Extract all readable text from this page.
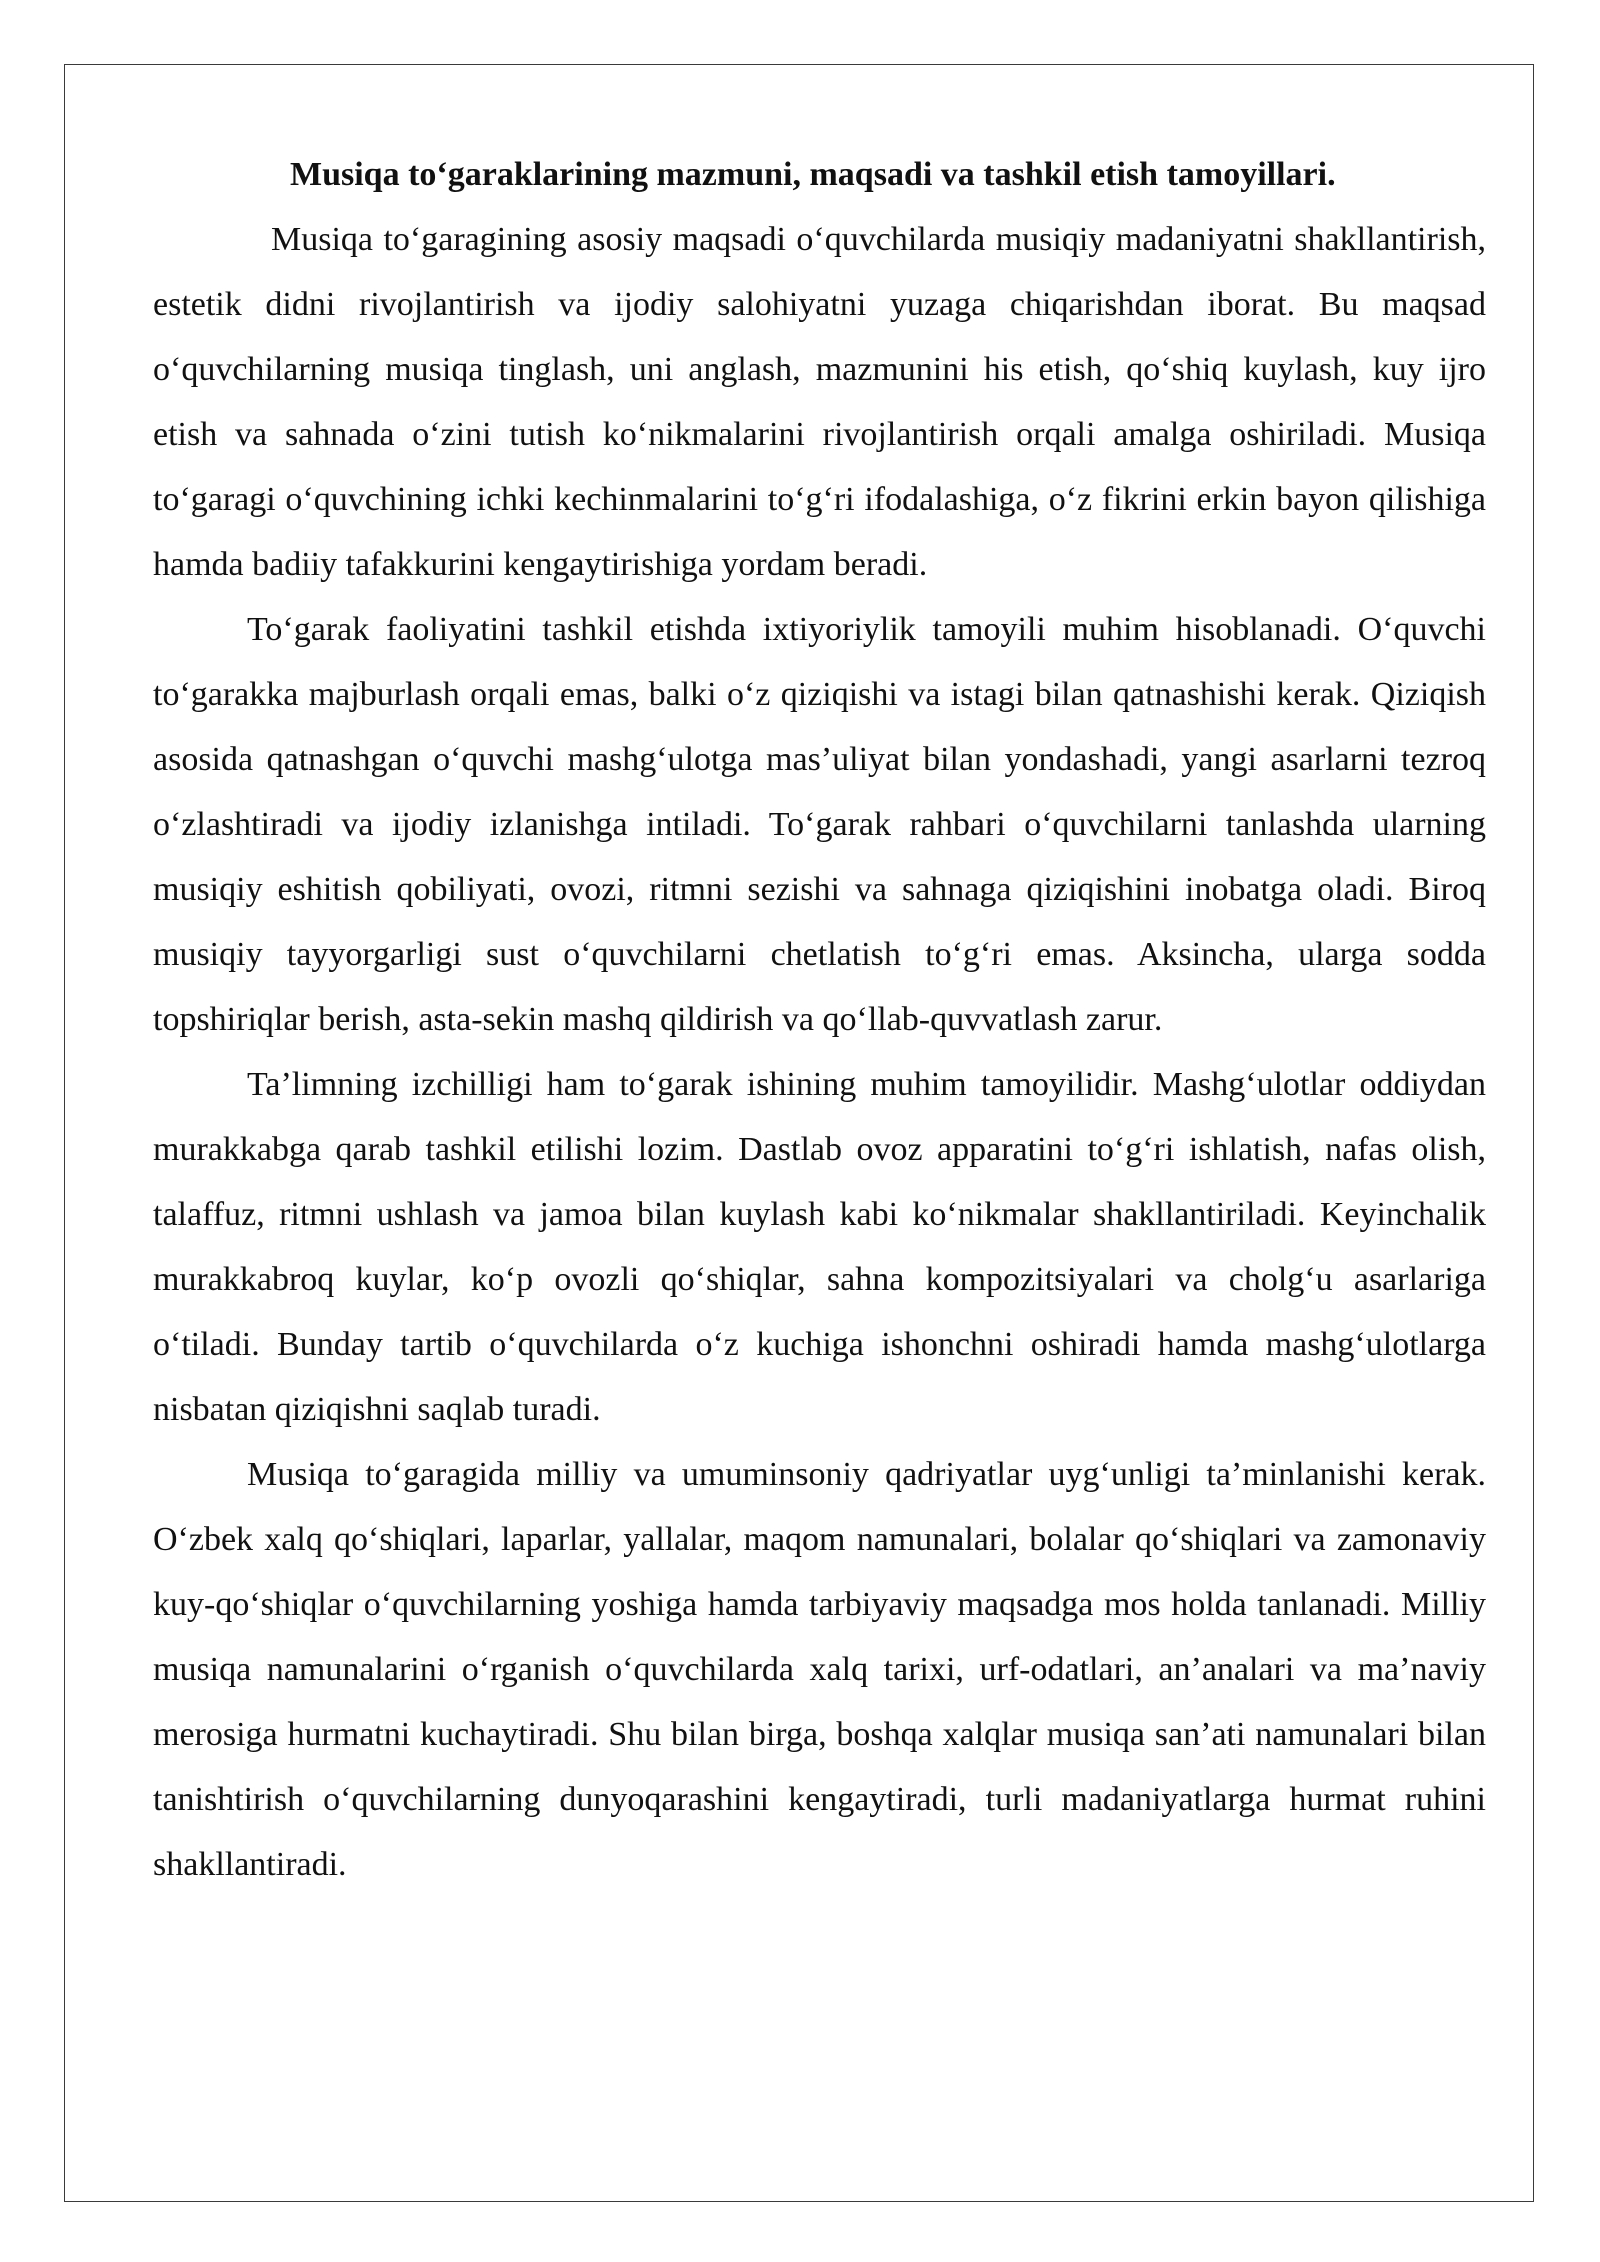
Musiqa to‘garaklarining mazmuni, maqsadi va tashkil etish tamoyillari.

Musiqa to‘garagining asosiy maqsadi o‘quvchilarda musiqiy madaniyatni shakllantirish, estetik didni rivojlantirish va ijodiy salohiyatni yuzaga chiqarishdan iborat. Bu maqsad o‘quvchilarning musiqa tinglash, uni anglash, mazmunini his etish, qo‘shiq kuylash, kuy ijro etish va sahnada o‘zini tutish ko‘nikmalarini rivojlantirish orqali amalga oshiriladi. Musiqa to‘garagi o‘quvchining ichki kechinmalarini to‘g‘ri ifodalashiga, o‘z fikrini erkin bayon qilishiga hamda badiiy tafakkurini kengaytirishiga yordam beradi.

To‘garak faoliyatini tashkil etishda ixtiyoriylik tamoyili muhim hisoblanadi. O‘quvchi to‘garakka majburlash orqali emas, balki o‘z qiziqishi va istagi bilan qatnashishi kerak. Qiziqish asosida qatnashgan o‘quvchi mashg‘ulotga mas’uliyat bilan yondashadi, yangi asarlarni tezroq o‘zlashtiradi va ijodiy izlanishga intiladi. To‘garak rahbari o‘quvchilarni tanlashda ularning musiqiy eshitish qobiliyati, ovozi, ritmni sezishi va sahnaga qiziqishini inobatga oladi. Biroq musiqiy tayyorgarligi sust o‘quvchilarni chetlatish to‘g‘ri emas. Aksincha, ularga sodda topshiriqlar berish, asta-sekin mashq qildirish va qo‘llab-quvvatlash zarur.

Ta’limning izchilligi ham to‘garak ishining muhim tamoyilidir. Mashg‘ulotlar oddiydan murakkabga qarab tashkil etilishi lozim. Dastlab ovoz apparatini to‘g‘ri ishlatish, nafas olish, talaffuz, ritmni ushlash va jamoa bilan kuylash kabi ko‘nikmalar shakllantiriladi. Keyinchalik murakkabroq kuylar, ko‘p ovozli qo‘shiqlar, sahna kompozitsiyalari va cholg‘u asarlariga o‘tiladi. Bunday tartib o‘quvchilarda o‘z kuchiga ishonchni oshiradi hamda mashg‘ulotlarga nisbatan qiziqishni saqlab turadi.

Musiqa to‘garagida milliy va umuminsoniy qadriyatlar uyg‘unligi ta’minlanishi kerak. O‘zbek xalq qo‘shiqlari, laparlar, yallalar, maqom namunalari, bolalar qo‘shiqlari va zamonaviy kuy-qo‘shiqlar o‘quvchilarning yoshiga hamda tarbiyaviy maqsadga mos holda tanlanadi. Milliy musiqa namunalarini o‘rganish o‘quvchilarda xalq tarixi, urf-odatlari, an’analari va ma’naviy merosiga hurmatni kuchaytiradi. Shu bilan birga, boshqa xalqlar musiqa san’ati namunalari bilan tanishtirish o‘quvchilarning dunyoqarashini kengaytiradi, turli madaniyatlarga hurmat ruhini shakllantiradi.
